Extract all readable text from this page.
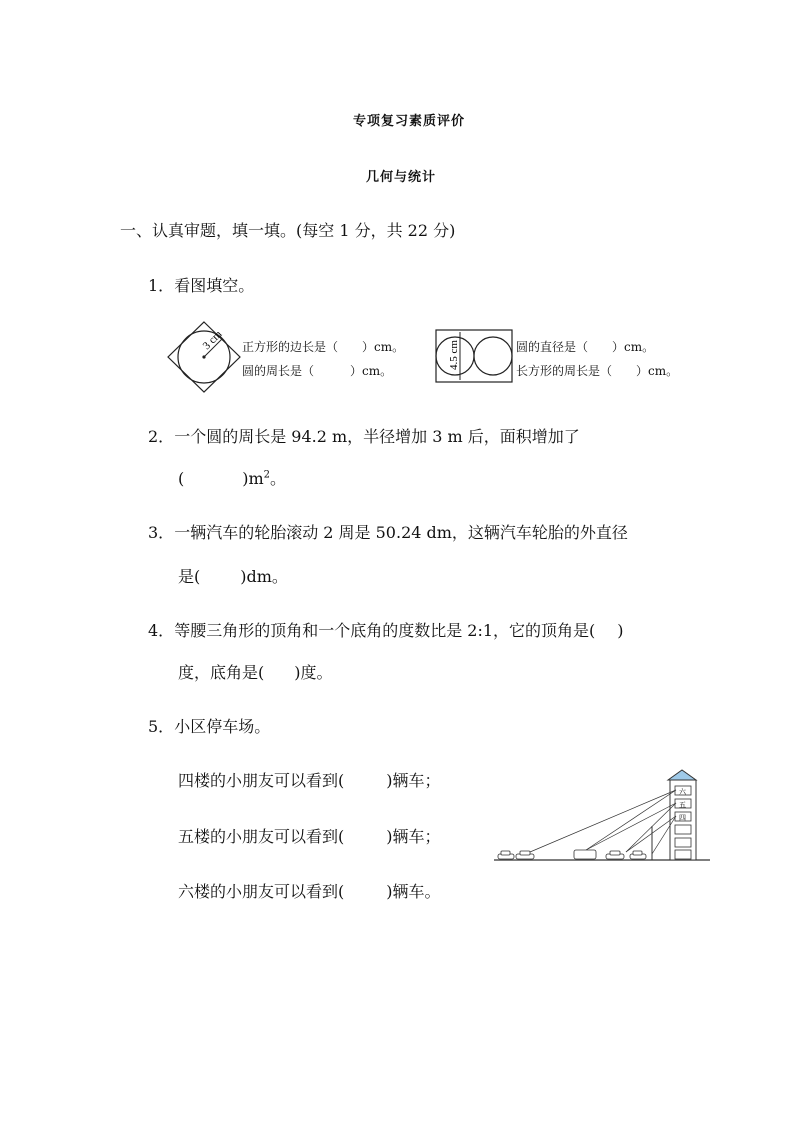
专项复习素质评价
几何与统计
一、认真审题，填一填。(每空 1 分，共 22 分)
1．看图填空。
3 cm 正方形的边长是（　　）cm。
圆的周长是（　　　）cm。
4.5 cm	圆的直径是（　　）cm。
长方形的周长是（　　）cm。
2．一个圆的周长是 94.2 m，半径增加 3 m 后，面积增加了
(	)$m^2$。
3．一辆汽车的轮胎滚动 2 周是 50.24 dm，这辆汽车轮胎的外直径
是(	)dm。
4．等腰三角形的顶角和一个底角的度数比是 2:1，它的顶角是( )
度，底角是( )度。
5．小区停车场。
四楼的小朋友可以看到(	)辆车；
五楼的小朋友可以看到(	)辆车；
六楼的小朋友可以看到(	)辆车。
六
五
四
